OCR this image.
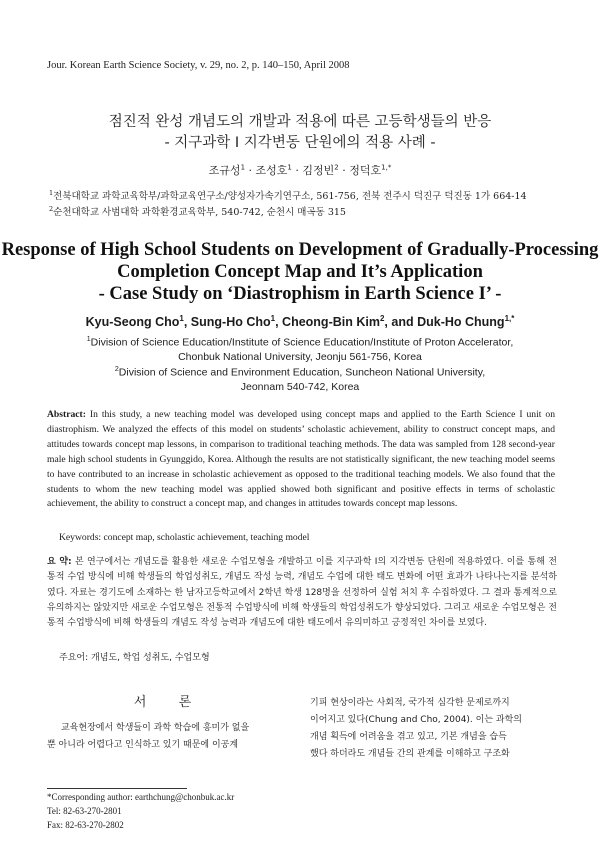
Jour. Korean Earth Science Society, v. 29, no. 2, p. 140–150, April 2008
점진적 완성 개념도의 개발과 적용에 따른 고등학생들의 반응
- 지구과학 I 지각변동 단원에의 적용 사례 -
조규성$^1$ · 조성호$^1$ · 김정빈$^2$ · 정덕호$^{1,*}$
$^1$전북대학교 과학교육학부/과학교육연구소/양성자가속기연구소, 561-756, 전북 전주시 덕진구 덕진동 1가 664-14
$^2$순천대학교 사범대학 과학환경교육학부, 540-742, 순천시 매곡동 315
Response of High School Students on Development of Gradually-Processing
Completion Concept Map and It’s Application
- Case Study on ‘Diastrophism in Earth Science I’ -
Kyu-Seong Cho$^1$, Sung-Ho Cho$^1$, Cheong-Bin Kim$^2$, and Duk-Ho Chung$^{1,*}$
$^1$Division of Science Education/Institute of Science Education/Institute of Proton Accelerator,
Chonbuk National University, Jeonju 561-756, Korea
$^2$Division of Science and Environment Education, Suncheon National University,
Jeonnam 540-742, Korea
Abstract: In this study, a new teaching model was developed using concept maps and applied to the Earth Science I unit on diastrophism. We analyzed the effects of this model on students’ scholastic achievement, ability to construct concept maps, and attitudes towards concept map lessons, in comparison to traditional teaching methods. The data was sampled from 128 second-year male high school students in Gyunggido, Korea. Although the results are not statistically significant, the new teaching model seems to have contributed to an increase in scholastic achievement as opposed to the traditional teaching models. We also found that the students to whom the new teaching model was applied showed both significant and positive effects in terms of scholastic achievement, the ability to construct a concept map, and changes in attitudes towards concept map lessons.
Keywords: concept map, scholastic achievement, teaching model
요 약: 본 연구에서는 개념도를 활용한 새로운 수업모형을 개발하고 이를 지구과학 I의 지각변동 단원에 적용하였다. 이를 통해 전통적 수업 방식에 비해 학생들의 학업성취도, 개념도 작성 능력, 개념도 수업에 대한 태도 변화에 어떤 효과가 나타나는지를 분석하였다. 자료는 경기도에 소재하는 한 남자고등학교에서 2학년 학생 128명을 선정하여 실험 처치 후 수집하였다. 그 결과 통계적으로 유의하지는 않았지만 새로운 수업모형은 전통적 수업방식에 비해 학생들의 학업성취도가 향상되었다. 그리고 새로운 수업모형은 전통적 수업방식에 비해 학생들의 개념도 작성 능력과 개념도에 대한 태도에서 유의미하고 긍정적인 차이를 보였다.
주요어: 개념도, 학업 성취도, 수업모형
서 론
교육현장에서 학생들이 과학 학습에 흥미가 없을
뿐 아니라 어렵다고 인식하고 있기 때문에 이공계
기피 현상이라는 사회적, 국가적 심각한 문제로까지
이어지고 있다(Chung and Cho, 2004). 이는 과학의
개념 획득에 어려움을 겪고 있고, 기본 개념을 습득
했다 하더라도 개념들 간의 관계를 이해하고 구조화
*Corresponding author: earthchung@chonbuk.ac.kr
Tel: 82-63-270-2801
Fax: 82-63-270-2802
